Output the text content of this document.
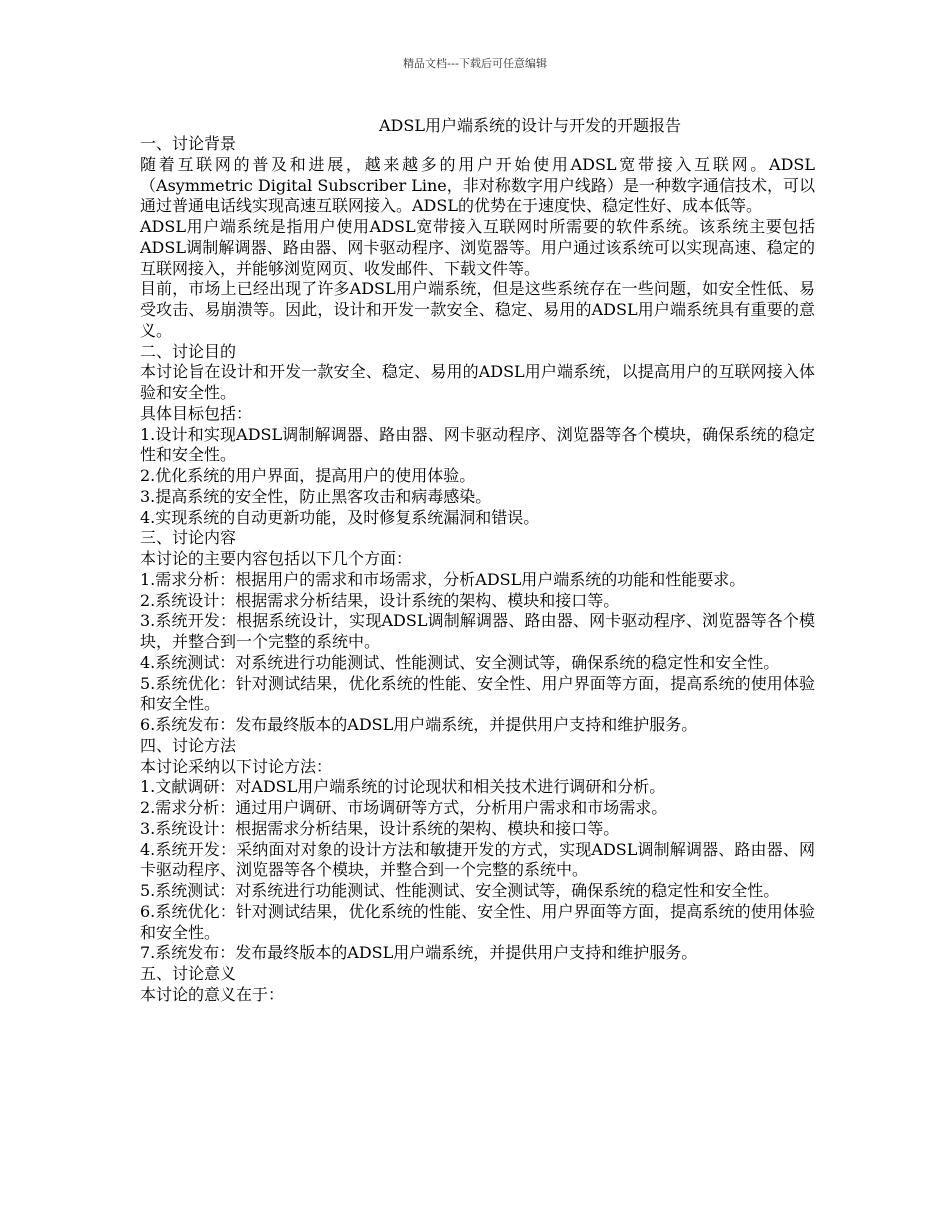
精品文档---下载后可任意编辑
ADSL用户端系统的设计与开发的开题报告

一、讨论背景

随着互联网的普及和进展，越来越多的用户开始使用ADSL宽带接入互联网。ADSL（Asymmetric Digital Subscriber Line，非对称数字用户线路）是一种数字通信技术，可以通过普通电话线实现高速互联网接入。ADSL的优势在于速度快、稳定性好、成本低等。

ADSL用户端系统是指用户使用ADSL宽带接入互联网时所需要的软件系统。该系统主要包括ADSL调制解调器、路由器、网卡驱动程序、浏览器等。用户通过该系统可以实现高速、稳定的互联网接入，并能够浏览网页、收发邮件、下载文件等。

目前，市场上已经出现了许多ADSL用户端系统，但是这些系统存在一些问题，如安全性低、易受攻击、易崩溃等。因此，设计和开发一款安全、稳定、易用的ADSL用户端系统具有重要的意义。

二、讨论目的

本讨论旨在设计和开发一款安全、稳定、易用的ADSL用户端系统，以提高用户的互联网接入体验和安全性。

具体目标包括：

1.设计和实现ADSL调制解调器、路由器、网卡驱动程序、浏览器等各个模块，确保系统的稳定性和安全性。

2.优化系统的用户界面，提高用户的使用体验。

3.提高系统的安全性，防止黑客攻击和病毒感染。

4.实现系统的自动更新功能，及时修复系统漏洞和错误。

三、讨论内容

本讨论的主要内容包括以下几个方面：

1.需求分析：根据用户的需求和市场需求，分析ADSL用户端系统的功能和性能要求。

2.系统设计：根据需求分析结果，设计系统的架构、模块和接口等。

3.系统开发：根据系统设计，实现ADSL调制解调器、路由器、网卡驱动程序、浏览器等各个模块，并整合到一个完整的系统中。

4.系统测试：对系统进行功能测试、性能测试、安全测试等，确保系统的稳定性和安全性。

5.系统优化：针对测试结果，优化系统的性能、安全性、用户界面等方面，提高系统的使用体验和安全性。

6.系统发布：发布最终版本的ADSL用户端系统，并提供用户支持和维护服务。

四、讨论方法

本讨论采纳以下讨论方法：

1.文献调研：对ADSL用户端系统的讨论现状和相关技术进行调研和分析。

2.需求分析：通过用户调研、市场调研等方式，分析用户需求和市场需求。

3.系统设计：根据需求分析结果，设计系统的架构、模块和接口等。

4.系统开发：采纳面对对象的设计方法和敏捷开发的方式，实现ADSL调制解调器、路由器、网卡驱动程序、浏览器等各个模块，并整合到一个完整的系统中。

5.系统测试：对系统进行功能测试、性能测试、安全测试等，确保系统的稳定性和安全性。

6.系统优化：针对测试结果，优化系统的性能、安全性、用户界面等方面，提高系统的使用体验和安全性。

7.系统发布：发布最终版本的ADSL用户端系统，并提供用户支持和维护服务。

五、讨论意义

本讨论的意义在于：
